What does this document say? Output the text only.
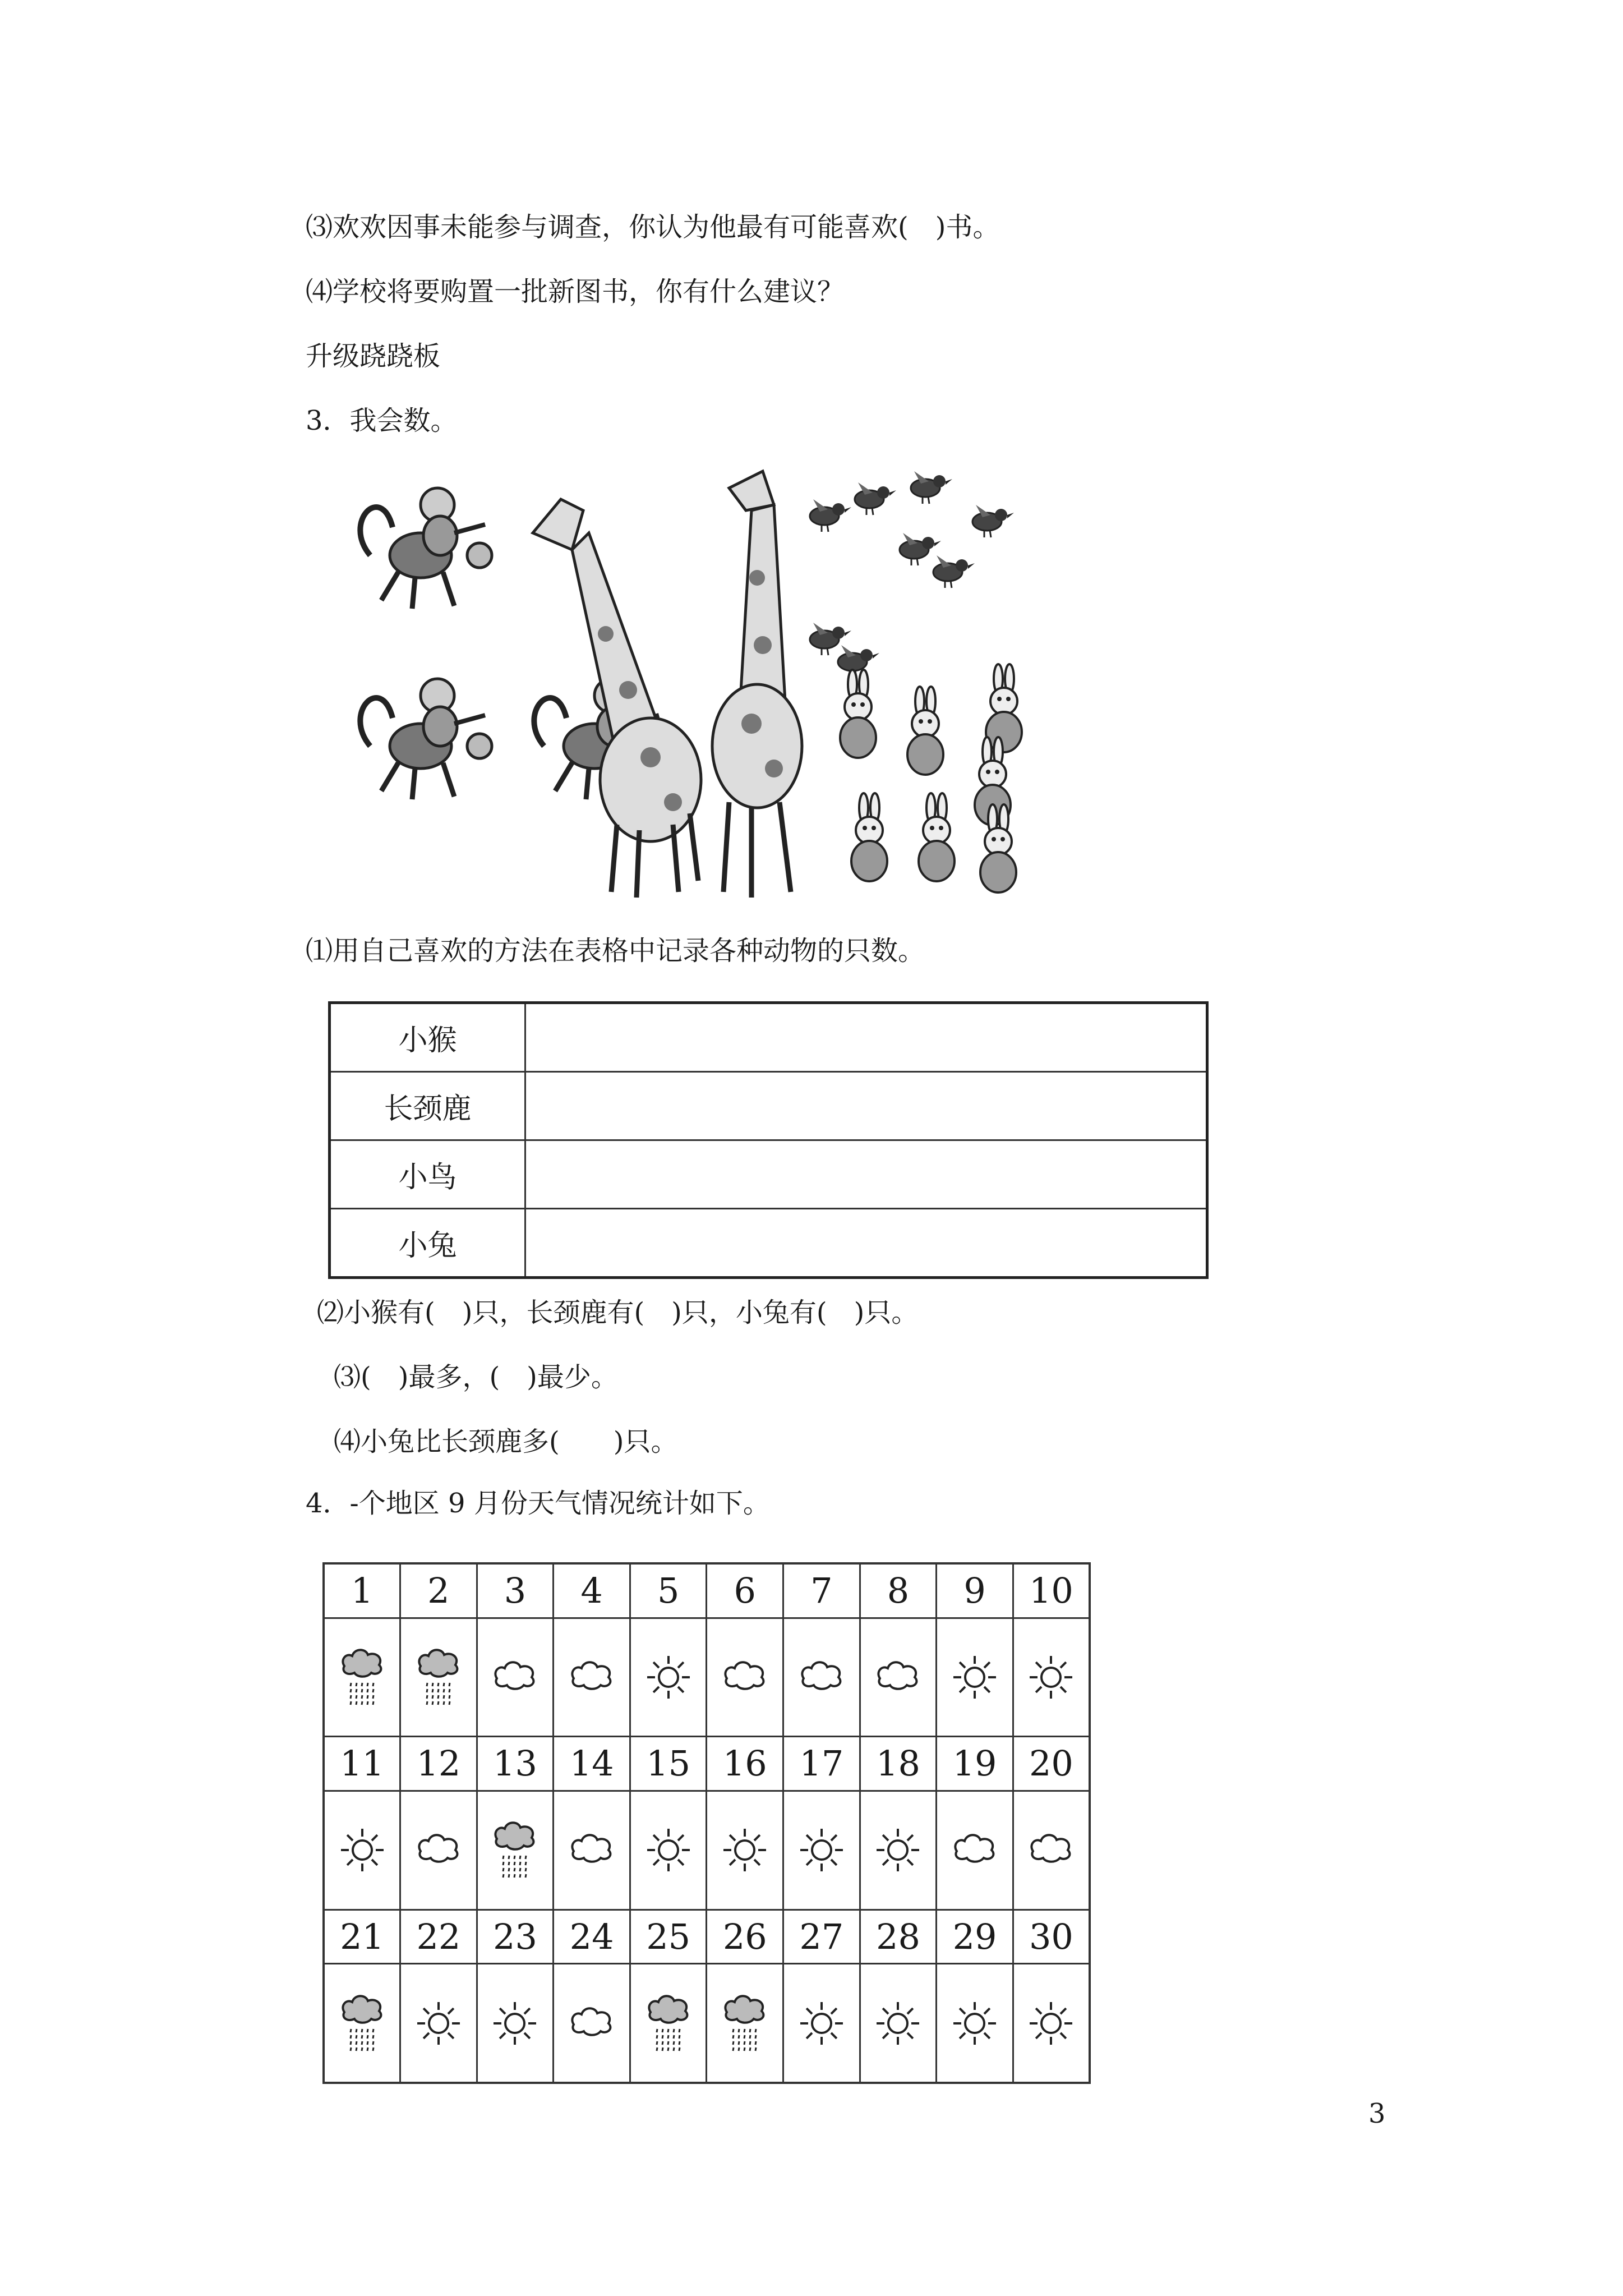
⑶欢欢因事未能参与调查，你认为他最有可能喜欢(　)书。
⑷学校将要购置一批新图书，你有什么建议？
升级跷跷板
3．我会数。
⑴用自己喜欢的方法在表格中记录各种动物的只数。
小猴	
长颈鹿	
小鸟	
小兔	
⑵小猴有(　)只，长颈鹿有(　)只，小兔有(　)只。
⑶(　)最多，(　)最少。
⑷小兔比长颈鹿多(　　)只。
4．-个地区 9 月份天气情况统计如下。
1	2	3	4	5	6	7	8	9	10

11	12	13	14	15	16	17	18	19	20

21	22	23	24	25	26	27	28	29	30

3
